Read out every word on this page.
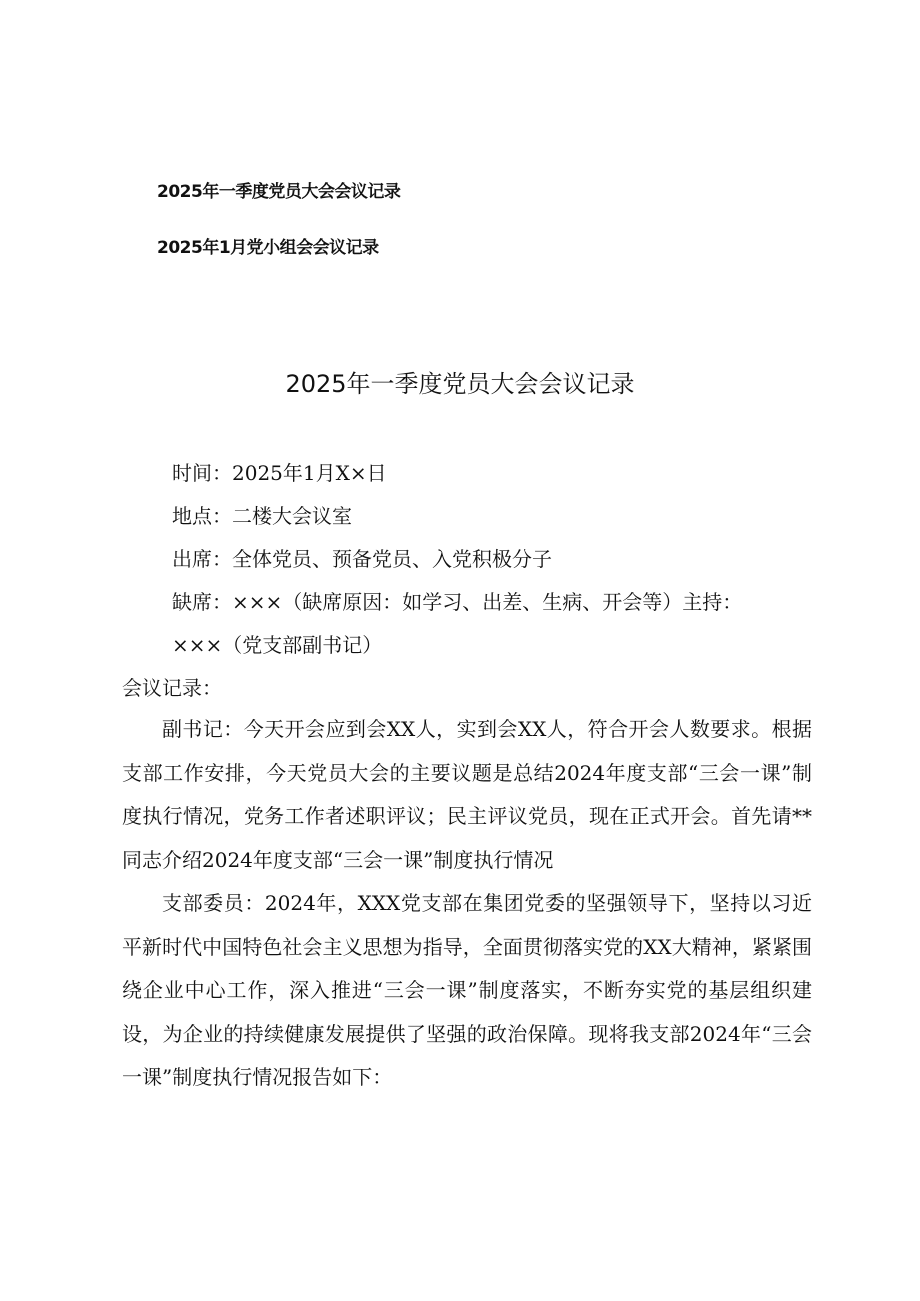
2025年一季度党员大会会议记录
2025年1月党小组会会议记录
2025年一季度党员大会会议记录
时间：2025年1月X×日
地点：二楼大会议室
出席：全体党员、预备党员、入党积极分子
缺席：×××（缺席原因：如学习、出差、生病、开会等）主持：
×××（党支部副书记）
会议记录：

副书记：今天开会应到会XX人，实到会XX人，符合开会人数要求。根据支部工作安排，今天党员大会的主要议题是总结2024年度支部“三会一课”制度执行情况，党务工作者述职评议；民主评议党员，现在正式开会。首先请**同志介绍2024年度支部“三会一课”制度执行情况

支部委员：2024年，XXX党支部在集团党委的坚强领导下，坚持以习近平新时代中国特色社会主义思想为指导，全面贯彻落实党的XX大精神，紧紧围绕企业中心工作，深入推进“三会一课”制度落实，不断夯实党的基层组织建设，为企业的持续健康发展提供了坚强的政治保障。现将我支部2024年“三会一课”制度执行情况报告如下：
